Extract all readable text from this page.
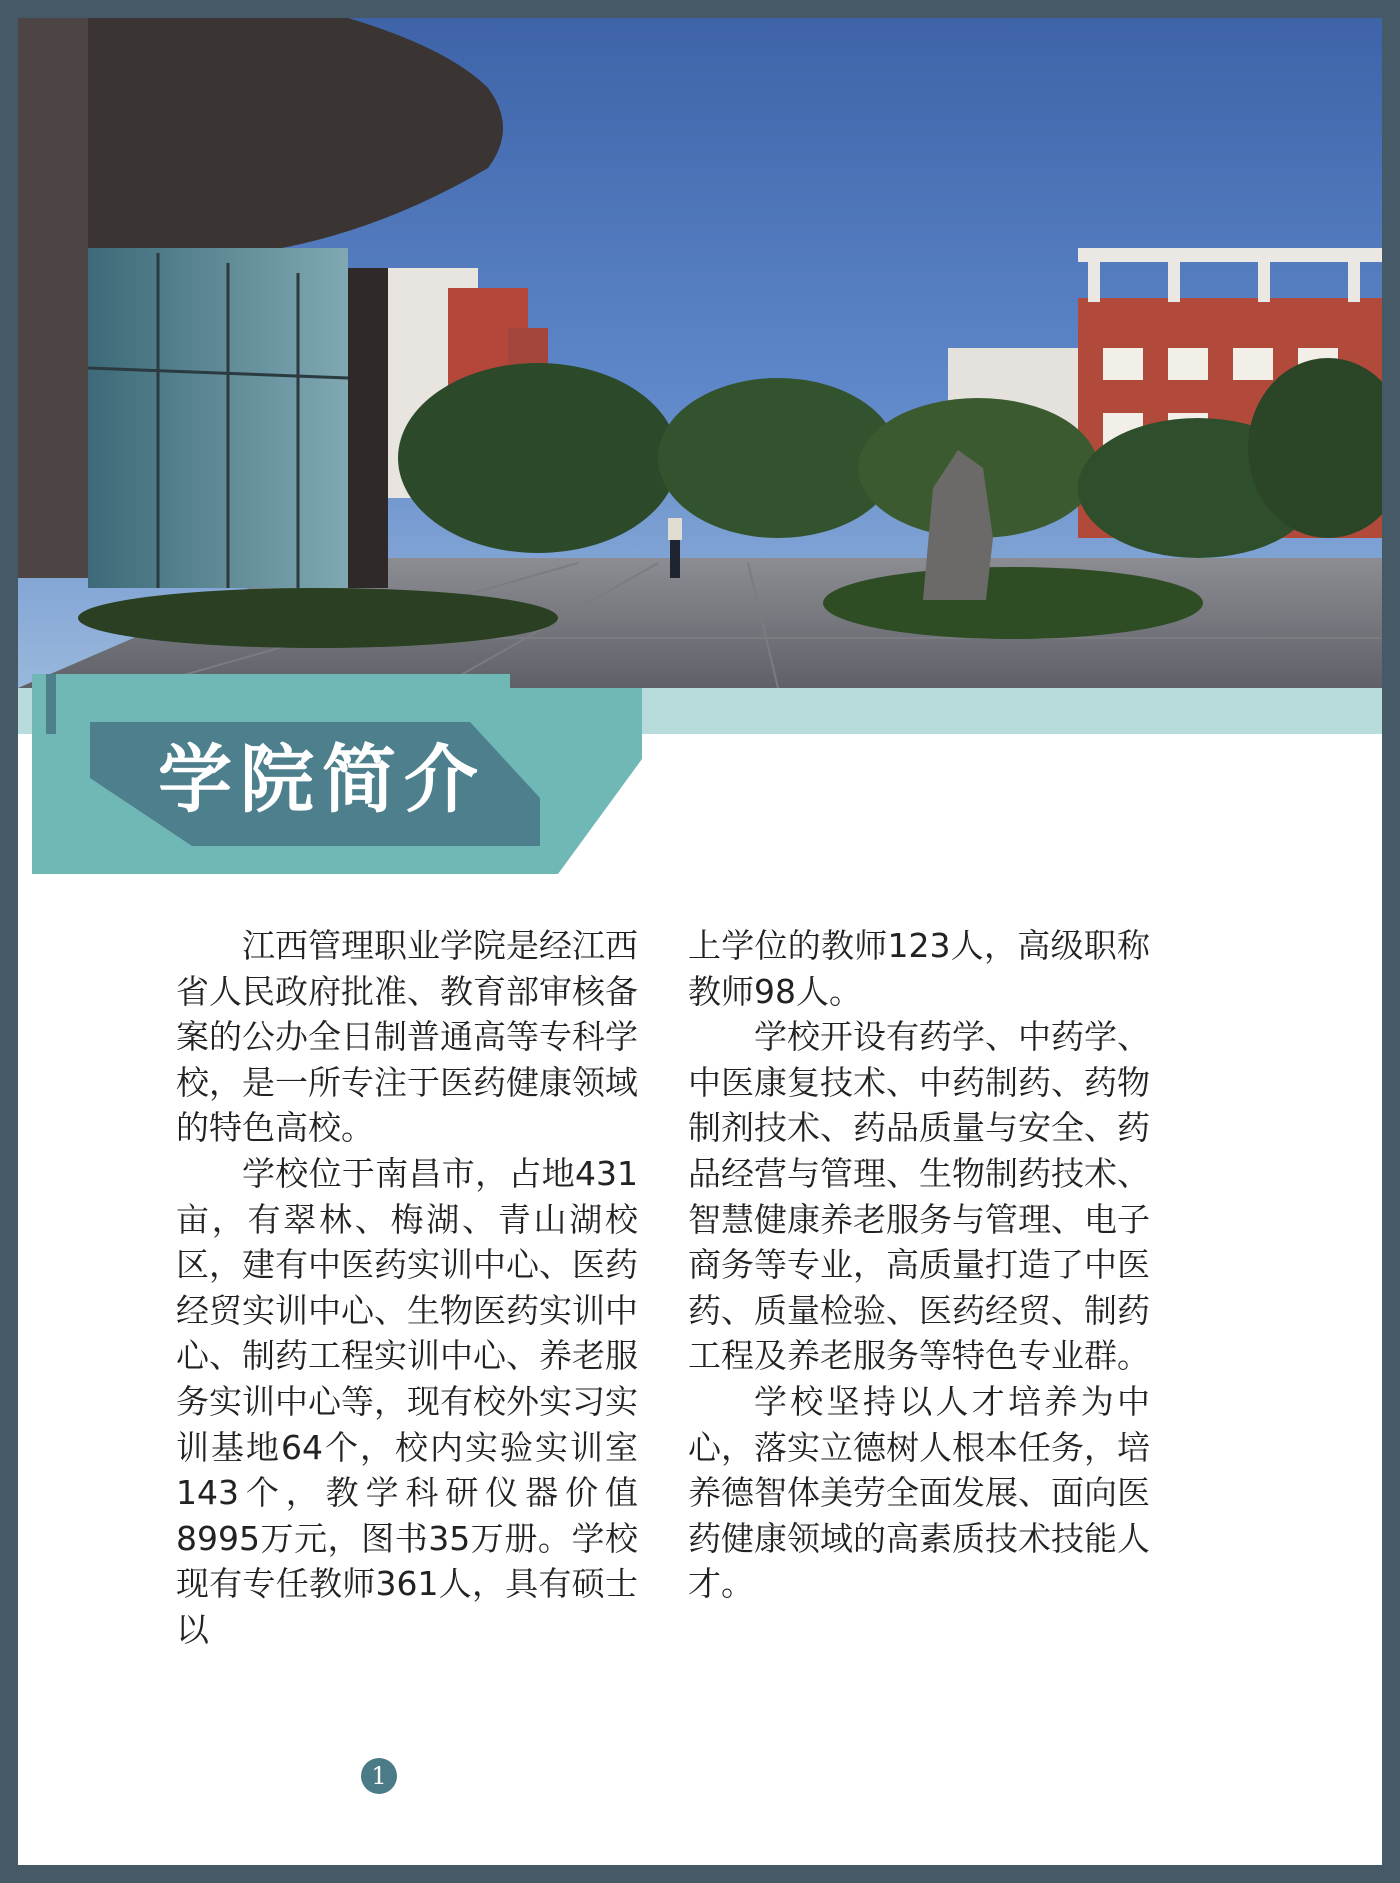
学院简介

江西管理职业学院是经江西省人民政府批准、教育部审核备案的公办全日制普通高等专科学校，是一所专注于医药健康领域的特色高校。

学校位于南昌市，占地431亩，有翠林、梅湖、青山湖校区，建有中医药实训中心、医药经贸实训中心、生物医药实训中心、制药工程实训中心、养老服务实训中心等，现有校外实习实训基地64个，校内实验实训室143个，教学科研仪器价值8995万元，图书35万册。学校现有专任教师361人，具有硕士以

上学位的教师123人，高级职称教师98人。

学校开设有药学、中药学、中医康复技术、中药制药、药物制剂技术、药品质量与安全、药品经营与管理、生物制药技术、智慧健康养老服务与管理、电子商务等专业，高质量打造了中医药、质量检验、医药经贸、制药工程及养老服务等特色专业群。

学校坚持以人才培养为中心，落实立德树人根本任务，培养德智体美劳全面发展、面向医药健康领域的高素质技术技能人才。

1
